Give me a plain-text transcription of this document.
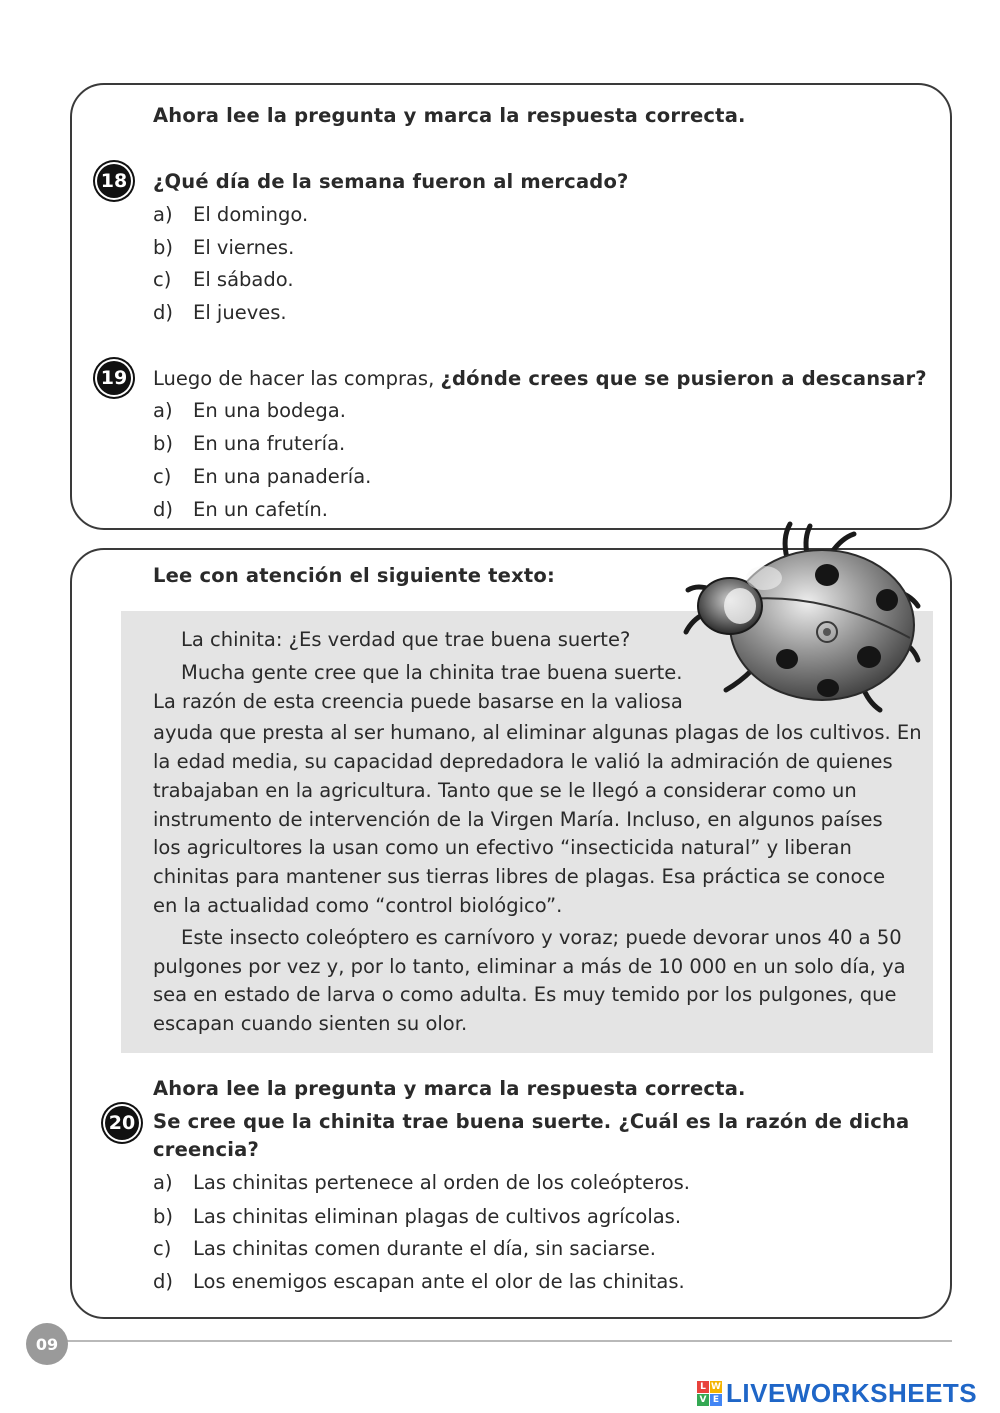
Ahora lee la pregunta y marca la respuesta correcta.
18 ¿Qué día de la semana fueron al mercado?
a) El domingo.
b) El viernes.
c) El sábado.
d) El jueves.
19 Luego de hacer las compras, ¿dónde crees que se pusieron a descansar?
a) En una bodega.
b) En una frutería.
c) En una panadería.
d) En un cafetín.
Lee con atención el siguiente texto:
La chinita: ¿Es verdad que trae buena suerte?
Mucha gente cree que la chinita trae buena suerte.
La razón de esta creencia puede basarse en la valiosa
ayuda que presta al ser humano, al eliminar algunas plagas de los cultivos. En
la edad media, su capacidad depredadora le valió la admiración de quienes
trabajaban en la agricultura. Tanto que se le llegó a considerar como un
instrumento de intervención de la Virgen María. Incluso, en algunos países
los agricultores la usan como un efectivo “insecticida natural” y liberan
chinitas para mantener sus tierras libres de plagas. Esa práctica se conoce
en la actualidad como “control biológico”.
Este insecto coleóptero es carnívoro y voraz; puede devorar unos 40 a 50
pulgones por vez y, por lo tanto, eliminar a más de 10 000 en un solo día, ya
sea en estado de larva o como adulta. Es muy temido por los pulgones, que
escapan cuando sienten su olor.
Ahora lee la pregunta y marca la respuesta correcta.
20 Se cree que la chinita trae buena suerte. ¿Cuál es la razón de dicha
creencia?
a) Las chinitas pertenece al orden de los coleópteros.
b) Las chinitas eliminan plagas de cultivos agrícolas.
c) Las chinitas comen durante el día, sin saciarse.
d) Los enemigos escapan ante el olor de las chinitas.
09
L W
V E LIVEWORKSHEETS
